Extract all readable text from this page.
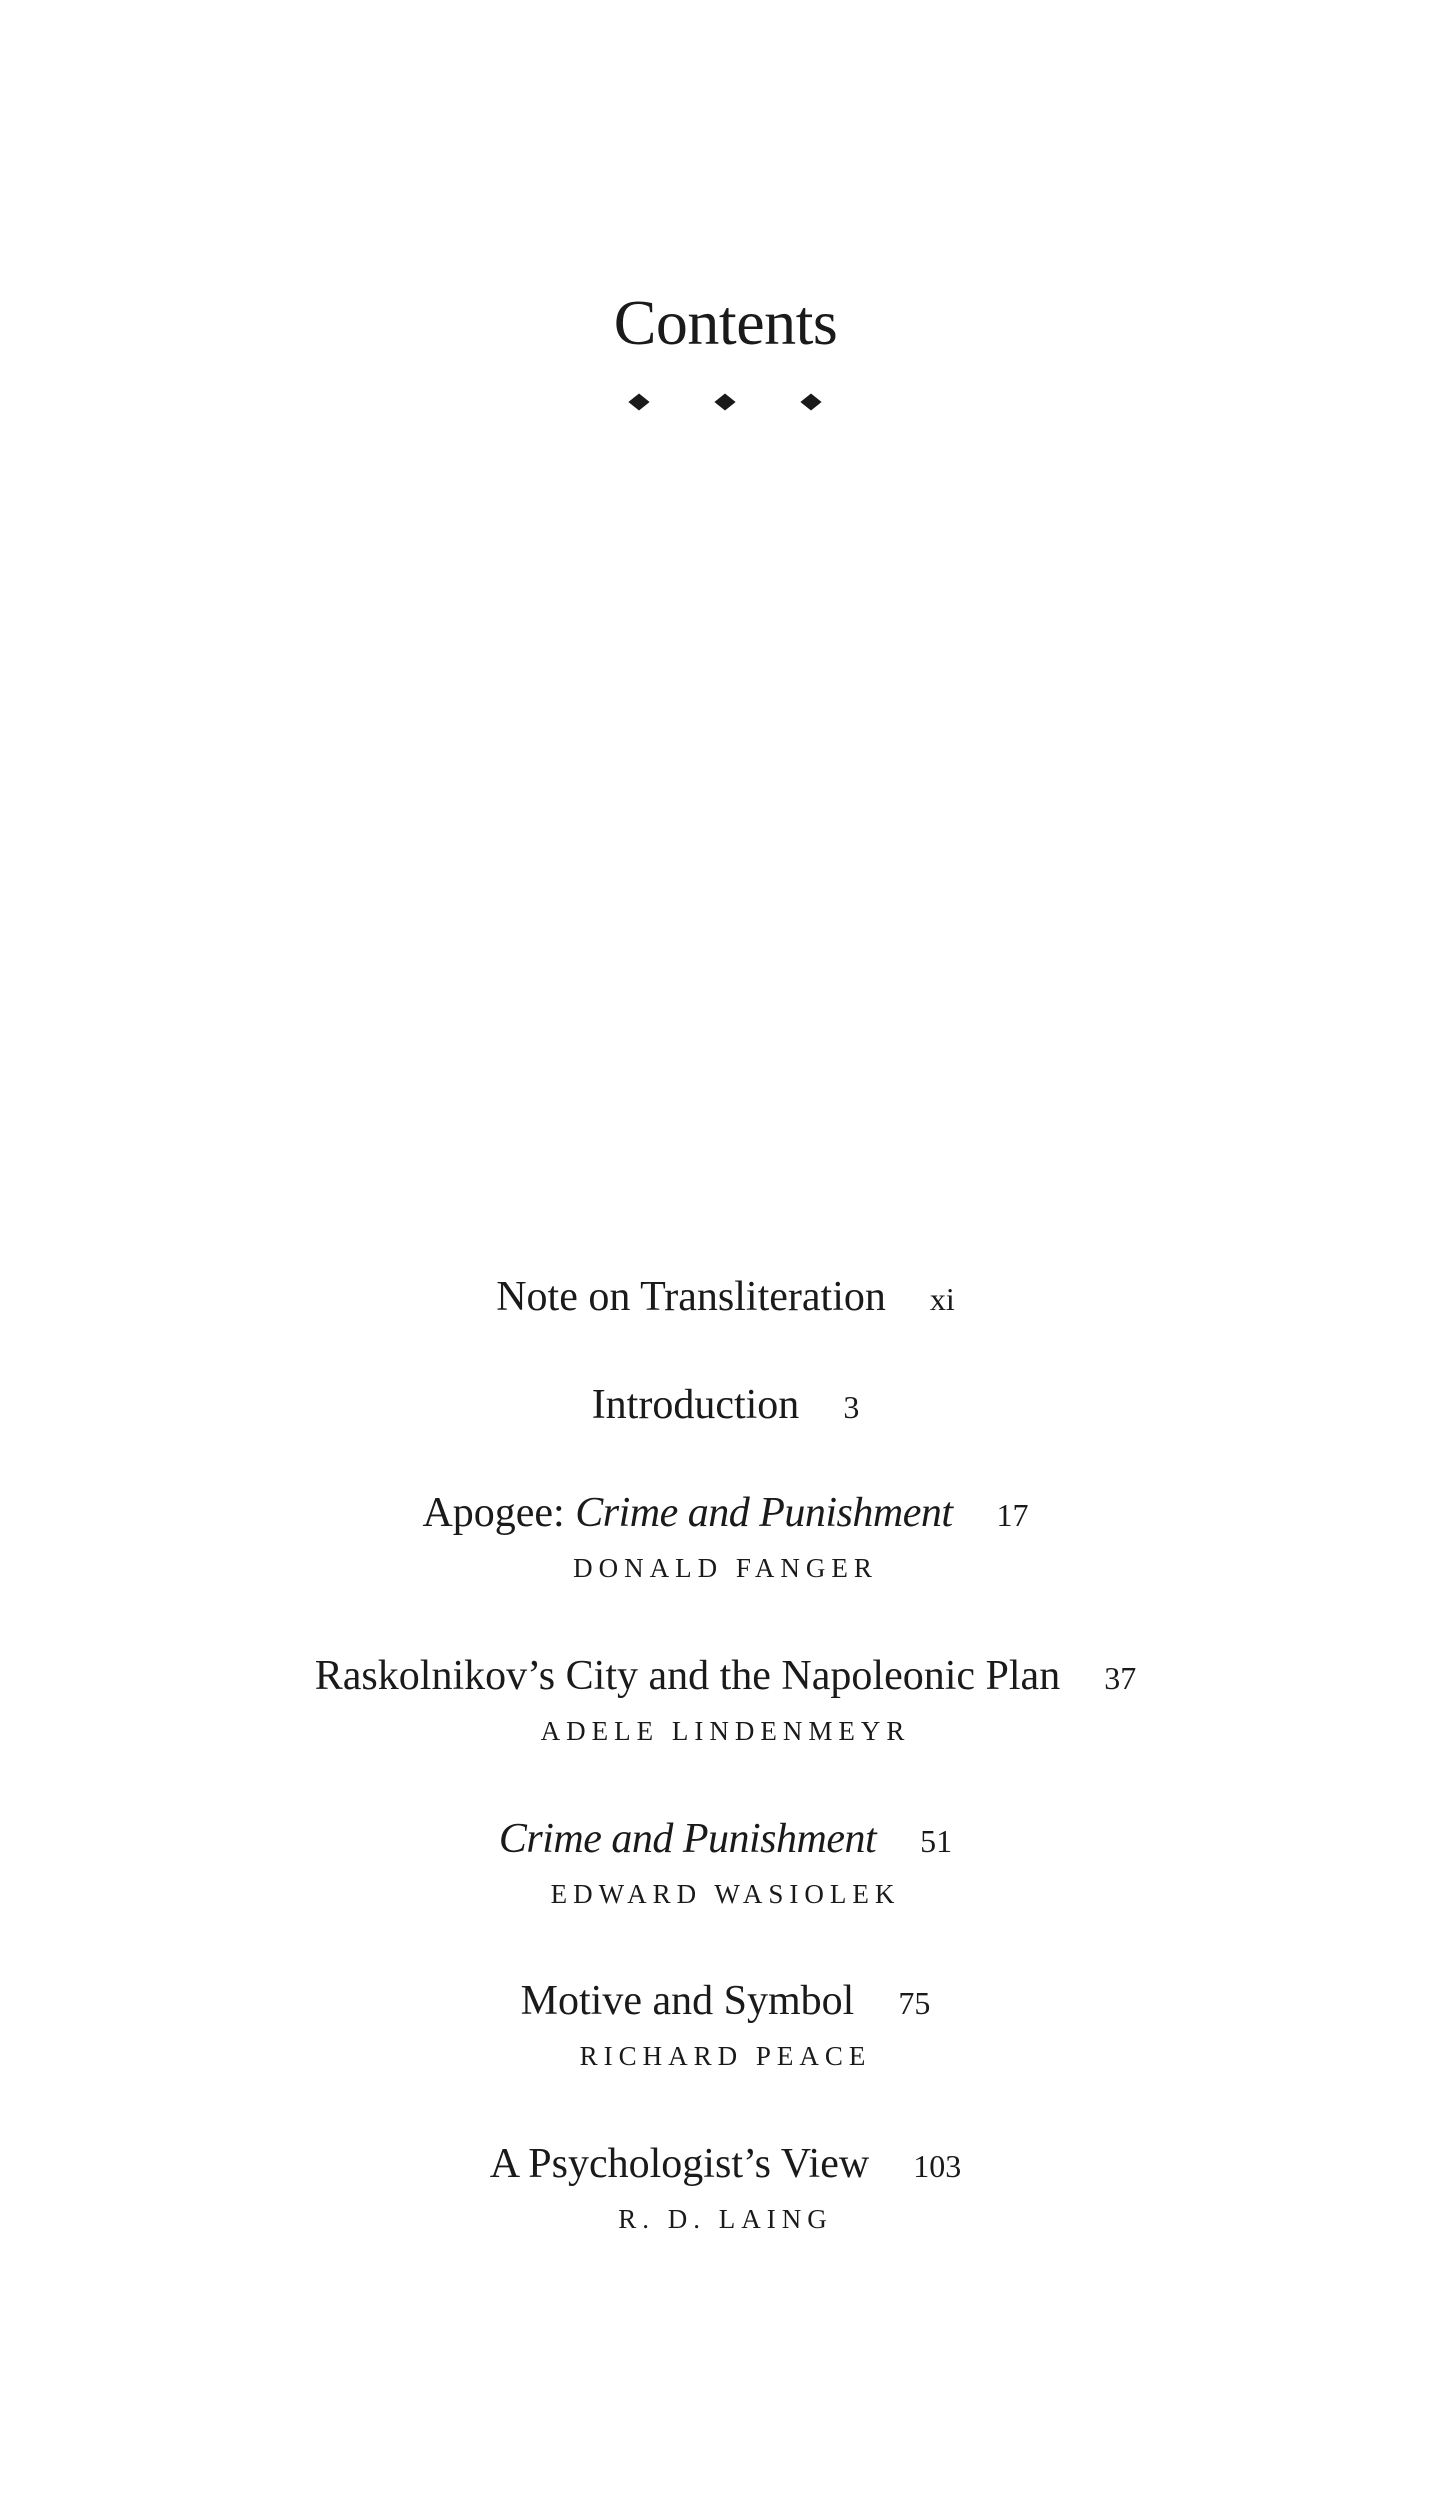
Contents
Note on Transliteration xi
Introduction 3
Apogee: Crime and Punishment 17
DONALD FANGER
Raskolnikov’s City and the Napoleonic Plan 37
ADELE LINDENMEYR
Crime and Punishment 51
EDWARD WASIOLEK
Motive and Symbol 75
RICHARD PEACE
A Psychologist’s View 103
R. D. LAING
